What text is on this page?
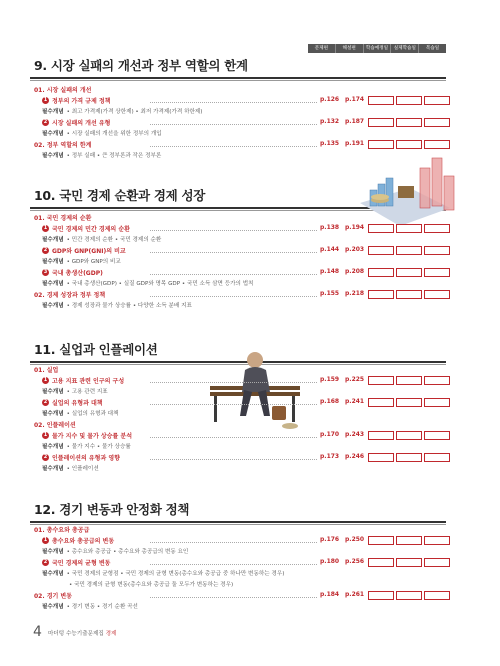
문제편	해설편	학습예정일	실제학습일	복습일
9. 시장 실패의 개선과 정부 역할의 한계
10. 국민 경제 순환과 경제 성장
11. 실업과 인플레이션
12. 경기 변동과 안정화 정책
4 마더텅 수능기출문제집 경제
01. 시장 실패의 개선
1 정부의 가격 규제 정책	p.126 p.174
필수개념 • 최고 가격제(가격 상한제) • 최저 가격제(가격 하한제)
2 시장 실패의 개선 유형	p.132 p.187
필수개념 • 시장 실패의 개선을 위한 정부의 개입
02. 정부 역할의 한계	p.135 p.191
필수개념 • 정부 실패 • 큰 정부론과 작은 정부론
01. 국민 경제의 순환
1 국민 경제의 민간 경제의 순환	p.138 p.194
필수개념 • 민간 경제의 순환 • 국민 경제의 순환
2 GDP와 GNP(GNI)의 비교	p.144 p.203
필수개념 • GDP와 GNP의 비교
3 국내 총생산(GDP)	p.148 p.208
필수개념 • 국내 총생산(GDP) • 실질 GDP와 명목 GDP • 국민 소득 삼면 등가의 법칙
02. 경제 성장과 정부 정책	p.155 p.218
필수개념 • 경제 성장과 물가 상승률 • 다양한 소득 분배 지표
01. 실업
1 고용 지표 관련 인구의 구성	p.159 p.225
필수개념 • 고용 관련 지표
2 실업의 유형과 대책	p.168 p.241
필수개념 • 실업의 유형과 대책
02. 인플레이션
1 물가 지수 및 물가 상승률 분석	p.170 p.243
필수개념 • 물가 지수 • 물가 상승률
2 인플레이션의 유형과 영향	p.173 p.246
필수개념 • 인플레이션
01. 총수요와 총공급
1 총수요와 총공급의 변동	p.176 p.250
필수개념 • 총수요와 총공급 • 총수요와 총공급의 변동 요인
2 국민 경제의 균형 변동	p.180 p.256
필수개념 • 국민 경제의 균형점 • 국민 경제의 균형 변동(총수요와 총공급 중 하나만 변동하는 경우)
• 국민 경제의 균형 변동(총수요와 총공급 둘 모두가 변동하는 경우)
02. 경기 변동	p.184 p.261
필수개념 • 경기 변동 • 경기 순환 곡선
